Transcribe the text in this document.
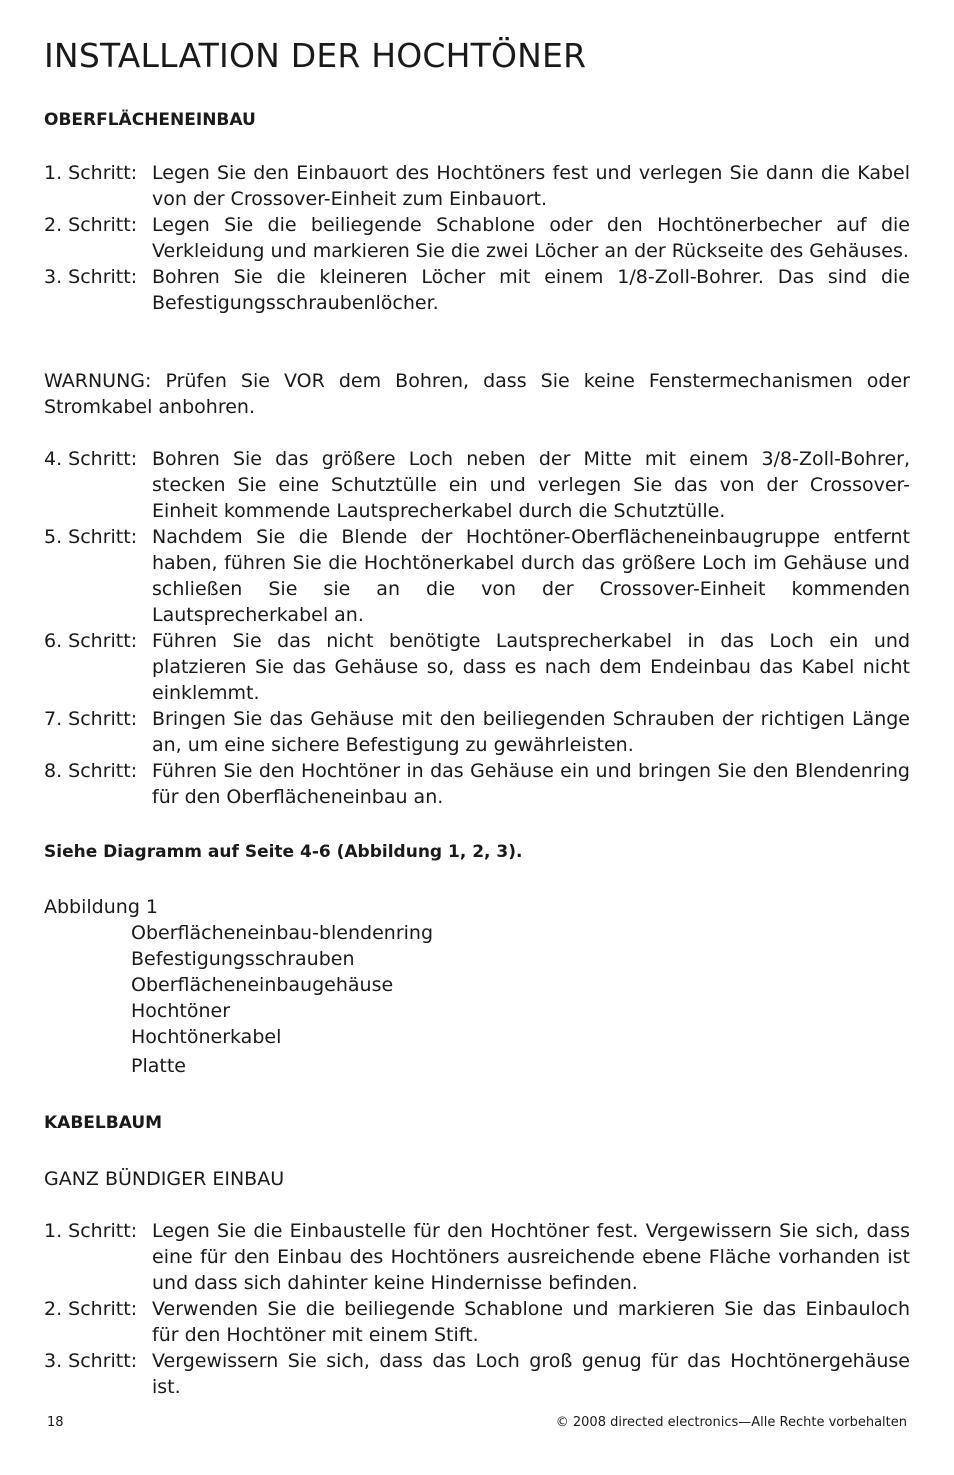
INSTALLATION DER HOCHTÖNER

OBERFLÄCHENEINBAU

1. Schritt: Legen Sie den Einbauort des Hochtöners fest und verlegen Sie dann die Kabel von der Crossover-Einheit zum Einbauort.
2. Schritt: Legen Sie die beiliegende Schablone oder den Hochtönerbecher auf die Verkleidung und markieren Sie die zwei Löcher an der Rückseite des Gehäuses.
3. Schritt: Bohren Sie die kleineren Löcher mit einem 1/8-Zoll-Bohrer. Das sind die Befestigungsschraubenlöcher.

WARNUNG: Prüfen Sie VOR dem Bohren, dass Sie keine Fenstermechanismen oder Stromkabel anbohren.

4. Schritt: Bohren Sie das größere Loch neben der Mitte mit einem 3/8-Zoll-Bohrer, stecken Sie eine Schutztülle ein und verlegen Sie das von der Crossover-Einheit kommende Lautsprecherkabel durch die Schutztülle.
5. Schritt: Nachdem Sie die Blende der Hochtöner-Oberflächeneinbaugruppe entfernt haben, führen Sie die Hochtönerkabel durch das größere Loch im Gehäuse und schließen Sie sie an die von der Crossover-Einheit kommenden Lautsprecherkabel an.
6. Schritt: Führen Sie das nicht benötigte Lautsprecherkabel in das Loch ein und platzieren Sie das Gehäuse so, dass es nach dem Endeinbau das Kabel nicht einklemmt.
7. Schritt: Bringen Sie das Gehäuse mit den beiliegenden Schrauben der richtigen Länge an, um eine sichere Befestigung zu gewährleisten.
8. Schritt: Führen Sie den Hochtöner in das Gehäuse ein und bringen Sie den Blendenring für den Oberflächeneinbau an.

Siehe Diagramm auf Seite 4-6 (Abbildung 1, 2, 3).

Abbildung 1
Oberflächeneinbau-blendenring
Befestigungsschrauben
Oberflächeneinbaugehäuse
Hochtöner
Hochtönerkabel
Platte

KABELBAUM

GANZ BÜNDIGER EINBAU
1. Schritt: Legen Sie die Einbaustelle für den Hochtöner fest. Vergewissern Sie sich, dass eine für den Einbau des Hochtöners ausreichende ebene Fläche vorhanden ist und dass sich dahinter keine Hindernisse befinden.
2. Schritt: Verwenden Sie die beiliegende Schablone und markieren Sie das Einbauloch für den Hochtöner mit einem Stift.
3. Schritt: Vergewissern Sie sich, dass das Loch groß genug für das Hochtönergehäuse ist.
18	© 2008 directed electronics—Alle Rechte vorbehalten
